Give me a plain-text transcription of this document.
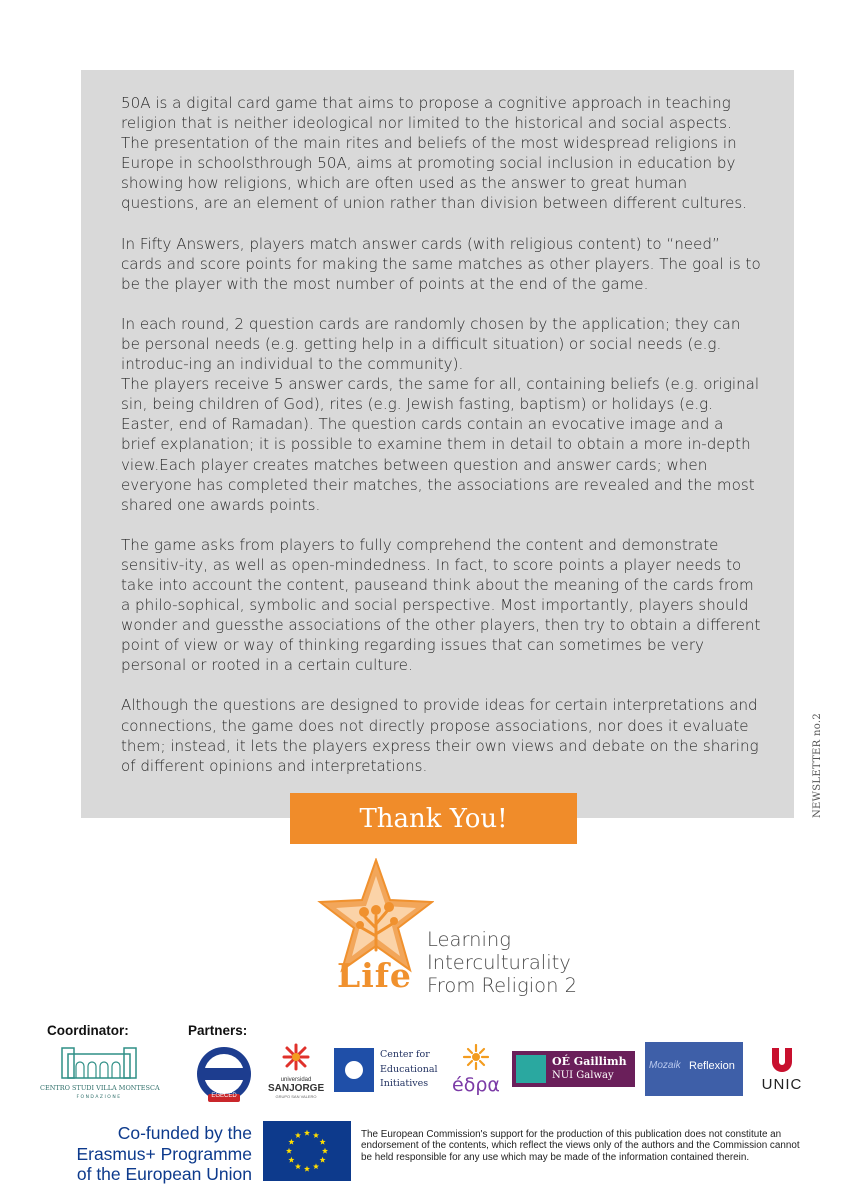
50A is a digital card game that aims to propose a cognitive approach in teaching religion that is neither ideological nor limited to the historical and social aspects. The presentation of the main rites and beliefs of the most widespread religions in Europe in schoolsthrough 50A, aims at promoting social inclusion in education by showing how religions, which are often used as the answer to great human questions, are an element of union rather than division between different cultures.

In Fifty Answers, players match answer cards (with religious content) to “need” cards and score points for making the same matches as other players. The goal is to be the player with the most number of points at the end of the game.

In each round, 2 question cards are randomly chosen by the application; they can be personal needs (e.g. getting help in a difficult situation) or social needs (e.g. introduc-ing an individual to the community).

The players receive 5 answer cards, the same for all, containing beliefs (e.g. original sin, being children of God), rites (e.g. Jewish fasting, baptism) or holidays (e.g. Easter, end of Ramadan). The question cards contain an evocative image and a brief explanation; it is possible to examine them in detail to obtain a more in-depth view.Each player creates matches between question and answer cards; when everyone has completed their matches, the associations are revealed and the most shared one awards points.

The game asks from players to fully comprehend the content and demonstrate sensitiv-ity, as well as open-mindedness. In fact, to score points a player needs to take into account the content, pauseand think about the meaning of the cards from a philo-sophical, symbolic and social perspective. Most importantly, players should wonder and guessthe associations of the other players, then try to obtain a different point of view or way of thinking regarding issues that can sometimes be very personal or rooted in a certain culture.

Although the questions are designed to provide ideas for certain interpretations and connections, the game does not directly propose associations, nor does it evaluate them; instead, it lets the players express their own views and debate on the sharing of different opinions and interpretations.	NEWSLETTER no.2
Thank You!
Life
Learning
Interculturality
From Religion 2
Coordinator:	Partners:
CENTRO STUDI VILLA MONTESCA
FONDAZIONE	EGECED
universidad
SANJORGE
GRUPO SAN VALERO
Center for
Educational
Initiatives	éδρα
OÉ Gaillimh
NUI Galway
Mozaik Reflexion
UNIC
Co-funded by the
Erasmus+ Programme
of the European Union
The European Commission's support for the production of this publication does not constitute an endorsement of the contents, which reflect the views only of the authors and the Commission cannot be held responsible for any use which may be made of the information contained therein.
